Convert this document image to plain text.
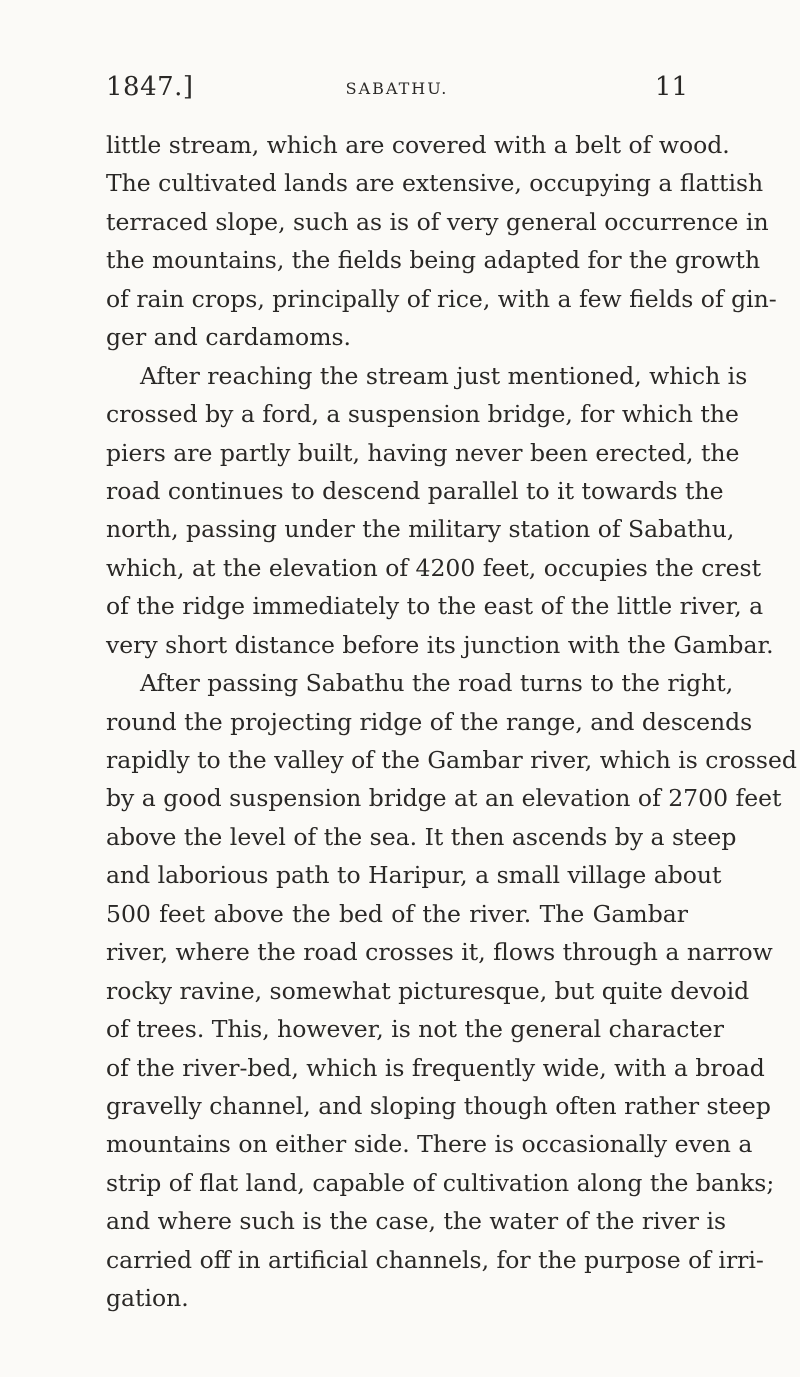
1847.]	SABATHU.	11
little stream, which are covered with a belt of wood.
The cultivated lands are extensive, occupying a flattish
terraced slope, such as is of very general occurrence in
the mountains, the fields being adapted for the growth
of rain crops, principally of rice, with a few fields of gin-
ger and cardamoms.
After reaching the stream just mentioned, which is
crossed by a ford, a suspension bridge, for which the
piers are partly built, having never been erected, the
road continues to descend parallel to it towards the
north, passing under the military station of Sabathu,
which, at the elevation of 4200 feet, occupies the crest
of the ridge immediately to the east of the little river, a
very short distance before its junction with the Gambar.
After passing Sabathu the road turns to the right,
round the projecting ridge of the range, and descends
rapidly to the valley of the Gambar river, which is crossed
by a good suspension bridge at an elevation of 2700 feet
above the level of the sea. It then ascends by a steep
and laborious path to Haripur, a small village about
500 feet above the bed of the river. The Gambar
river, where the road crosses it, flows through a narrow
rocky ravine, somewhat picturesque, but quite devoid
of trees. This, however, is not the general character
of the river-bed, which is frequently wide, with a broad
gravelly channel, and sloping though often rather steep
mountains on either side. There is occasionally even a
strip of flat land, capable of cultivation along the banks;
and where such is the case, the water of the river is
carried off in artificial channels, for the purpose of irri-
gation.
